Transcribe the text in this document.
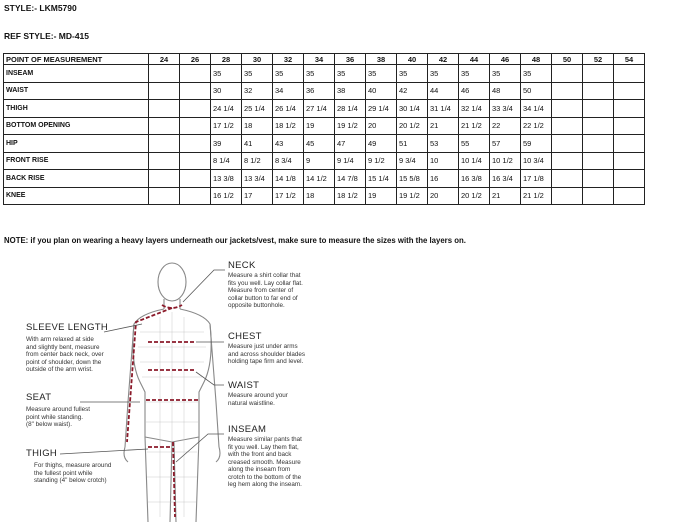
STYLE:- LKM5790
REF STYLE:- MD-415
POINT OF MEASUREMENT	24	26	28	30	32	34	36	38	40	42	44	46	48	50	52	54
INSEAM			35	35	35	35	35	35	35	35	35	35	35			
WAIST			30	32	34	36	38	40	42	44	46	48	50			
THIGH			24 1/4	25 1/4	26 1/4	27 1/4	28 1/4	29 1/4	30 1/4	31 1/4	32 1/4	33 3/4	34 1/4			
BOTTOM OPENING			17 1/2	18	18 1/2	19	19 1/2	20	20 1/2	21	21 1/2	22	22 1/2			
HIP			39	41	43	45	47	49	51	53	55	57	59			
FRONT RISE			8 1/4	8 1/2	8 3/4	9	9 1/4	9 1/2	9 3/4	10	10 1/4	10 1/2	10 3/4			
BACK RISE			13 3/8	13 3/4	14 1/8	14 1/2	14 7/8	15 1/4	15 5/8	16	16 3/8	16 3/4	17 1/8			
KNEE			16 1/2	17	17 1/2	18	18 1/2	19	19 1/2	20	20 1/2	21	21 1/2			
NOTE: if you plan on wearing a heavy layers underneath our jackets/vest, make sure to measure the sizes with the layers on.
NECK
Measure a shirt collar that
fits you well. Lay collar flat.
Measure from center of
collar button to far end of
opposite buttonhole.
CHEST
Measure just under arms
and across shoulder blades
holding tape firm and level.
WAIST
Measure around your
natural waistline.
INSEAM
Measure similar pants that
fit you well. Lay them flat,
with the front and back
creased smooth. Measure
along the inseam from
crotch to the bottom of the
leg hem along the inseam.
SLEEVE LENGTH
With arm relaxed at side
and slightly bent, measure
from center back neck, over
point of shoulder, down the
outside of the arm wrist.
SEAT
Measure around fullest
point while standing.
(8" below waist).
THIGH
For thighs, measure around
the fullest point while
standing (4" below crotch)
